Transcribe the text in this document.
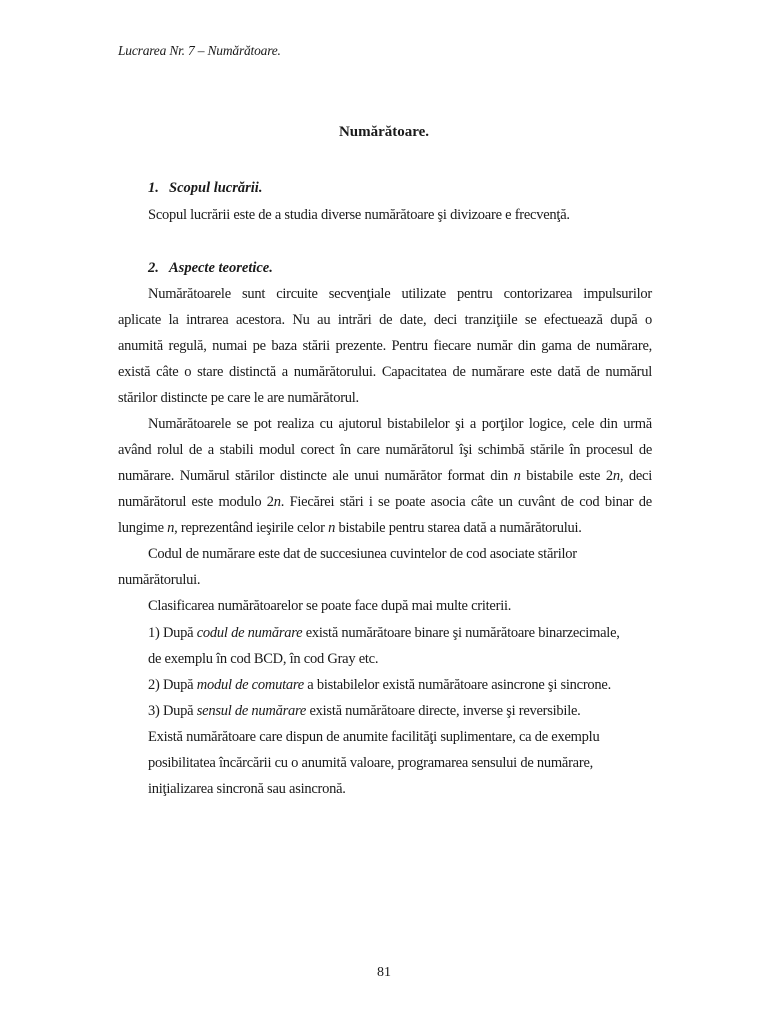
Lucrarea Nr. 7 – Numărătoare.
Numărătoare.
1. Scopul lucrării.
Scopul lucrării este de a studia diverse numărătoare şi divizoare e frecvenţă.
2. Aspecte teoretice.
Numărătoarele sunt circuite secvenţiale utilizate pentru contorizarea impulsurilor
aplicate la intrarea acestora. Nu au intrări de date, deci tranziţiile se efectuează după o
anumită regulă, numai pe baza stării prezente. Pentru fiecare număr din gama de numărare,
există câte o stare distinctă a numărătorului. Capacitatea de numărare este dată de numărul
stărilor distincte pe care le are numărătorul.
Numărătoarele se pot realiza cu ajutorul bistabilelor şi a porţilor logice, cele din urmă
având rolul de a stabili modul corect în care numărătorul îşi schimbă stările în procesul de
numărare. Numărul stărilor distincte ale unui numărător format din n bistabile este 2n, deci
numărătorul este modulo 2n. Fiecărei stări i se poate asocia câte un cuvânt de cod binar de
lungime n, reprezentând ieşirile celor n bistabile pentru starea dată a numărătorului.
Codul de numărare este dat de succesiunea cuvintelor de cod asociate stărilor
numărătorului.
Clasificarea numărătoarelor se poate face după mai multe criterii.
1) După codul de numărare există numărătoare binare şi numărătoare binarzecimale,
de exemplu în cod BCD, în cod Gray etc.
2) După modul de comutare a bistabilelor există numărătoare asincrone şi sincrone.
3) După sensul de numărare există numărătoare directe, inverse şi reversibile.
Există numărătoare care dispun de anumite facilităţi suplimentare, ca de exemplu
posibilitatea încărcării cu o anumită valoare, programarea sensului de numărare,
iniţializarea sincronă sau asincronă.
81
